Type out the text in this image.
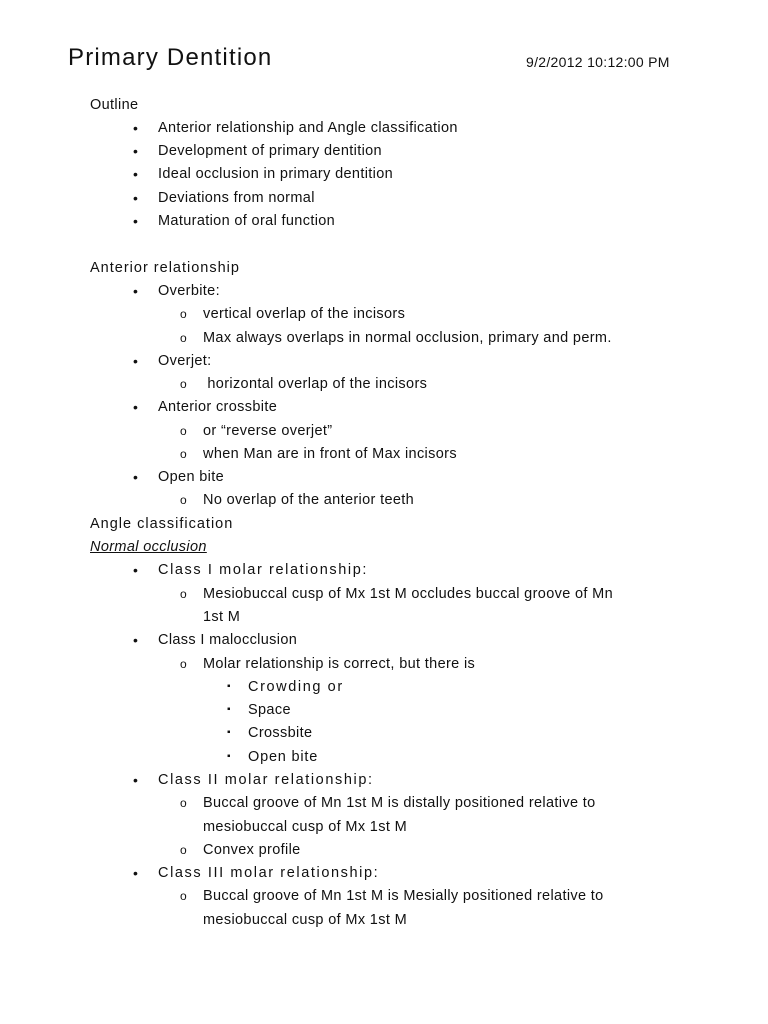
Primary Dentition	9/2/2012 10:12:00 PM
Outline
• Anterior relationship and Angle classification
• Development of primary dentition
• Ideal occlusion in primary dentition
• Deviations from normal
• Maturation of oral function
Anterior relationship
• Overbite:
o vertical overlap of the incisors
o Max always overlaps in normal occlusion, primary and perm.
• Overjet:
o horizontal overlap of the incisors
• Anterior crossbite
o or “reverse overjet”
o when Man are in front of Max incisors
• Open bite
o No overlap of the anterior teeth
Angle classification
Normal occlusion
• Class I molar relationship:
o Mesiobuccal cusp of Mx 1st M occludes buccal groove of Mn
1st M
• Class I malocclusion
o Molar relationship is correct, but there is
▪ Crowding or
▪ Space
▪ Crossbite
▪ Open bite
• Class II molar relationship:
o Buccal groove of Mn 1st M is distally positioned relative to
mesiobuccal cusp of Mx 1st M
o Convex profile
• Class III molar relationship:
o Buccal groove of Mn 1st M is Mesially positioned relative to
mesiobuccal cusp of Mx 1st M
